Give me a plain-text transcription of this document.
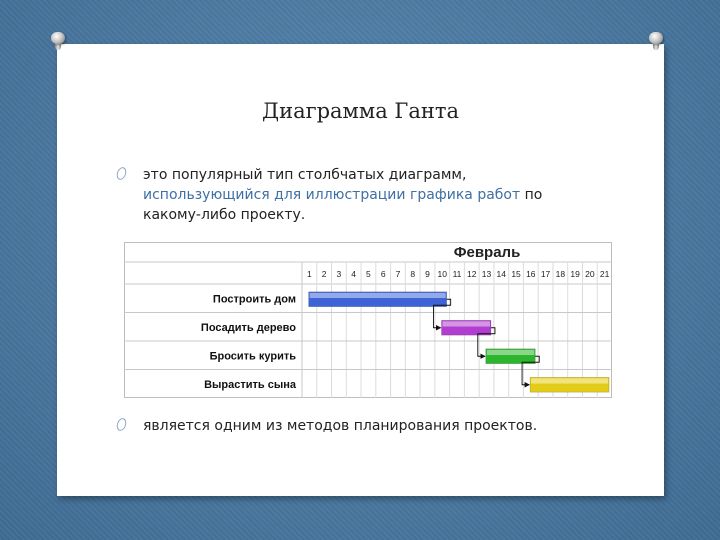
Диаграмма Ганта
это популярный тип столбчатых диаграмм,
использующийся для иллюстрации графика работ по
какому-либо проекту.
является одним из методов планирования проектов.
Февраль
1 2 3 4 5 6 7 8 9 10 11 12 13 14 15 16 17 18 19 20 21
Построить дом
Посадить дерево
Бросить курить
Вырастить сына
